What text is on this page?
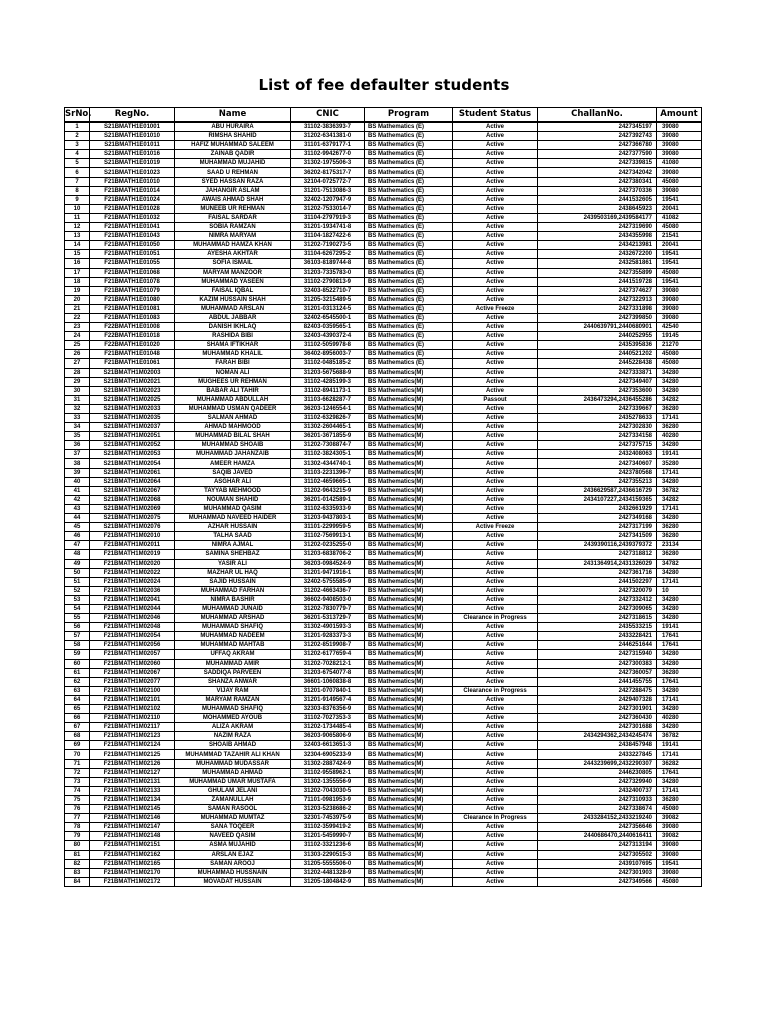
List of fee defaulter students
SrNo.	RegNo.	Name	CNIC	Program	Student Status	ChallanNo.	Amount
1	S21BMATH1E01001	ABU HURAIRA	31102-3836393-7	BS Mathematics (E)	Active	2427345197	39080
2	S21BMATH1E01010	RIMSHA SHAHID	31202-6341381-0	BS Mathematics (E)	Active	2427392743	39080
3	S21BMATH1E01011	HAFIZ MUHAMMAD SALEEM	31101-6379177-1	BS Mathematics (E)	Active	2427366780	39080
4	S21BMATH1E01016	ZAINAB QADIR	31102-9942677-0	BS Mathematics (E)	Active	2427377590	39080
5	S21BMATH1E01019	MUHAMMAD MUJAHID	31302-1975506-3	BS Mathematics (E)	Active	2427339815	41080
6	S21BMATH1E01023	SAAD U REHMAN	36202-8175317-7	BS Mathematics (E)	Active	2427342042	39080
7	F21BMATH1E01010	SYED HASSAN RAZA	32104-0725772-7	BS Mathematics (E)	Active	2427380341	45080
8	F21BMATH1E01014	JAHANGIR ASLAM	31201-7513086-3	BS Mathematics (E)	Active	2427370336	39080
9	F21BMATH1E01024	AWAIS AHMAD SHAH	32402-1207947-9	BS Mathematics (E)	Active	2441532605	19541
10	F21BMATH1E01028	MUNEEB UR REHMAN	31202-7533014-7	BS Mathematics (E)	Active	2438645923	20041
11	F21BMATH1E01032	FAISAL SARDAR	31104-2797919-3	BS Mathematics (E)	Active	2439503169,2439584177	41082
12	F21BMATH1E01041	SOBIA RAMZAN	31201-1934741-8	BS Mathematics (E)	Active	2427319690	45080
13	F21BMATH1E01043	NIMRA MARYAM	31104-1827422-6	BS Mathematics (E)	Active	2434355998	21541
14	F21BMATH1E01050	MUHAMMAD HAMZA KHAN	31202-7190273-5	BS Mathematics (E)	Active	2434213981	20041
15	F21BMATH1E01051	AYESHA AKHTAR	31104-6267295-2	BS Mathematics (E)	Active	2432672200	19541
16	F21BMATH1E01055	SOFIA ISMAIL	36103-8189744-8	BS Mathematics (E)	Active	2432581861	19541
17	F21BMATH1E01068	MARYAM MANZOOR	31203-7335783-0	BS Mathematics (E)	Active	2427355899	45080
18	F21BMATH1E01078	MUHAMMAD YASEEN	31102-2790813-9	BS Mathematics (E)	Active	2441519728	19541
19	F21BMATH1E01079	FAISAL IQBAL	32403-8522710-7	BS Mathematics (E)	Active	2427374627	39080
20	F21BMATH1E01080	KAZIM HUSSAIN SHAH	31205-3215489-5	BS Mathematics (E)	Active	2427322913	39080
21	F21BMATH1E01081	MUHAMMAD ARSLAN	31201-0313124-5	BS Mathematics (E)	Active Freeze	2427331898	39080
22	F21BMATH1E01083	ABDUL JABBAR	32402-6545500-1	BS Mathematics (E)	Active	2427399850	39080
23	F22BMATH1E01008	DANISH IKHLAQ	82403-0359565-1	BS Mathematics (E)	Active	2440639791,2440680901	42540
24	F22BMATH1E01018	RASHIDA BIBI	32403-4390372-4	BS Mathematics (E)	Active	2440252955	19145
25	F22BMATH1E01020	SHAMA IFTIKHAR	31102-5059978-8	BS Mathematics (E)	Active	2435395836	21270
26	F21BMATH1E01048	MUHAMMAD KHALIL	36402-8956003-7	BS Mathematics (E)	Active	2440521202	45080
27	F21BMATH1E01061	FARAH BIBI	31102-0485185-2	BS Mathematics (E)	Active	2445228438	45080
28	S21BMATH1M02003	NOMAN ALI	31203-5675688-9	BS Mathematics(M)	Active	2427333871	34280
29	S21BMATH1M02021	MUGHEES UR REHMAN	31102-4285199-3	BS Mathematics(M)	Active	2427349407	34280
30	S21BMATH1M02023	BABAR ALI TAHIR	31102-8941173-1	BS Mathematics(M)	Active	2427353600	34280
31	S21BMATH1M02025	MUHAMMAD ABDULLAH	31103-6628287-7	BS Mathematics(M)	Passout	2436473294,2436455286	34282
32	S21BMATH1M02033	MUHAMMAD USMAN QADEER	36203-1246554-1	BS Mathematics(M)	Active	2427339667	36280
33	S21BMATH1M02035	SALMAN AHMAD	31102-6329826-7	BS Mathematics(M)	Active	2435278633	17141
34	S21BMATH1M02037	AHMAD MAHMOOD	31302-2604465-1	BS Mathematics(M)	Active	2427302830	36280
35	S21BMATH1M02051	MUHAMMAD BILAL SHAH	36201-3671855-9	BS Mathematics(M)	Active	2427334158	40280
36	S21BMATH1M02052	MUHAMMAD SHOAIB	31202-7308874-7	BS Mathematics(M)	Active	2427375715	34280
37	S21BMATH1M02053	MUHAMMAD JAHANZAIB	31102-3824305-1	BS Mathematics(M)	Active	2432408063	19141
38	S21BMATH1M02054	AMEER HAMZA	31302-4344740-1	BS Mathematics(M)	Active	2427340607	35280
39	S21BMATH1M02061	SAQIB JAVED	31103-2231396-7	BS Mathematics(M)	Active	2423780568	17141
40	S21BMATH1M02064	ASGHAR ALI	31102-4659665-1	BS Mathematics(M)	Active	2427355213	34280
41	S21BMATH1M02067	TAYYAB MEHMOOD	31202-9643215-9	BS Mathematics(M)	Active	2436629587,2436616729	36782
42	S21BMATH1M02068	NOUMAN SHAHID	36201-0142589-1	BS Mathematics(M)	Active	2434107227,2434159365	34282
43	S21BMATH1M02069	MUHAMMAD QASIM	31102-6335933-9	BS Mathematics(M)	Active	2432661929	17141
44	S21BMATH1M02075	MUHAMMAD NAVEED HAIDER	31203-9437803-1	BS Mathematics(M)	Active	2427349168	34280
45	S21BMATH1M02076	AZHAR HUSSAIN	31101-2299959-5	BS Mathematics(M)	Active Freeze	2427317199	36280
46	F21BMATH1M02010	TALHA SAAD	31102-7569913-1	BS Mathematics(M)	Active	2427341509	36280
47	F21BMATH1M02011	NIMRA AJMAL	31202-0235255-0	BS Mathematics(M)	Active	2439390116,2439379372	23134
48	F21BMATH1M02019	SAMINA SHEHBAZ	31203-6838706-2	BS Mathematics(M)	Active	2427318812	36280
49	F21BMATH1M02020	YASIR ALI	36203-0984524-9	BS Mathematics(M)	Active	2431364914,2431326029	34782
50	F21BMATH1M02022	MAZHAR UL HAQ	31201-9471916-1	BS Mathematics(M)	Active	2427361716	34280
51	F21BMATH1M02024	SAJID HUSSAIN	32402-5755585-9	BS Mathematics(M)	Active	2441502297	17141
52	F21BMATH1M02036	MUHAMMAD FARHAN	31202-4663436-7	BS Mathematics(M)	Active	2427320079	10
53	F21BMATH1M02041	NIMRA BASHIR	36602-9408503-0	BS Mathematics(M)	Active	2427332412	34280
54	F21BMATH1M02044	MUHAMMAD JUNAID	31202-7830779-7	BS Mathematics(M)	Active	2427309065	34280
55	F21BMATH1M02046	MUHAMMAD ARSHAD	36201-5313729-7	BS Mathematics(M)	Clearance in Progress	2427318615	34280
56	F21BMATH1M02048	MUHAMMAD SHAFIQ	31302-4901593-3	BS Mathematics(M)	Active	2435533215	19141
57	F21BMATH1M02054	MUHAMMAD NADEEM	31201-9283373-3	BS Mathematics(M)	Active	2433228421	17641
58	F21BMATH1M02056	MUHAMMAD MAHTAB	31202-8519908-7	BS Mathematics(M)	Active	2446251644	17641
59	F21BMATH1M02057	UFFAQ AKRAM	31202-6177659-4	BS Mathematics(M)	Active	2427315940	34280
60	F21BMATH1M02060	MUHAMMAD AMIR	31202-7028212-1	BS Mathematics(M)	Active	2427300383	34280
61	F21BMATH1M02067	SADDIQA PARVEEN	31203-6754077-8	BS Mathematics(M)	Active	2427360057	36280
62	F21BMATH1M02077	SHANZA ANWAR	36601-1060838-8	BS Mathematics(M)	Active	2441455755	17641
63	F21BMATH1M02100	VIJAY RAM	31201-0707840-1	BS Mathematics(M)	Clearance in Progress	2427288475	34280
64	F21BMATH1M02101	MARYAM RAMZAN	31201-9149567-4	BS Mathematics(M)	Active	2429407328	17141
65	F21BMATH1M02102	MUHAMMAD SHAFIQ	32303-8376356-9	BS Mathematics(M)	Active	2427301901	34280
66	F21BMATH1M02110	MOHAMMED AYOUB	31102-7027353-3	BS Mathematics(M)	Active	2427360430	40280
67	F21BMATH1M02117	ALIZA AKRAM	31202-1734485-4	BS Mathematics(M)	Active	2427301688	34280
68	F21BMATH1M02123	NAZIM RAZA	36203-9065806-9	BS Mathematics(M)	Active	2434294362,2434245474	36782
69	F21BMATH1M02124	SHOAIB AHMAD	32403-6613651-3	BS Mathematics(M)	Active	2438457948	19141
70	F21BMATH1M02125	MUHAMMAD TAZAHIR ALI KHAN	32304-6905233-9	BS Mathematics(M)	Active	2433227845	17141
71	F21BMATH1M02126	MUHAMMAD MUDASSAR	31302-2887424-9	BS Mathematics(M)	Active	2443239699,2432290307	36282
72	F21BMATH1M02127	MUHAMMAD AHMAD	31102-9558962-1	BS Mathematics(M)	Active	2446230805	17641
73	F21BMATH1M02131	MUHAMMAD UMAR MUSTAFA	31302-1355556-9	BS Mathematics(M)	Active	2427329940	34280
74	F21BMATH1M02133	GHULAM JELANI	31202-7043030-5	BS Mathematics(M)	Active	2432400737	17141
75	F21BMATH1M02134	ZAMANULLAH	71101-0981953-9	BS Mathematics(M)	Active	2427310933	36280
76	F21BMATH1M02145	SAMAN RASOOL	31203-5238686-2	BS Mathematics(M)	Active	2427338674	45080
77	F21BMATH1M02146	MUHAMMAD MUMTAZ	32301-7453975-9	BS Mathematics(M)	Clearance In Progress	2433284152,2433219240	39082
78	F21BMATH1M02147	SANA TOQEER	31102-3599419-2	BS Mathematics(M)	Active	2427356646	39080
79	F21BMATH1M02148	NAVEED QASIM	31201-5459990-7	BS Mathematics(M)	Active	2440686470,2440616411	39082
80	F21BMATH1M02151	ASMA MUJAHID	31102-3321236-6	BS Mathematics(M)	Active	2427313194	39080
81	F21BMATH1M02162	ARSLAN EJAZ	31303-2290515-3	BS Mathematics(M)	Active	2427305502	39080
82	F21BMATH1M02165	SAMAN AROOJ	31205-5555506-0	BS Mathematics(M)	Active	2439107695	19541
83	F21BMATH1M02170	MUHAMMAD HUSSNAIN	31202-4481328-9	BS Mathematics(M)	Active	2427301903	39080
84	F21BMATH1M02172	MOVADAT HUSSAIN	31205-1804842-9	BS Mathematics(M)	Active	2427349566	45080
